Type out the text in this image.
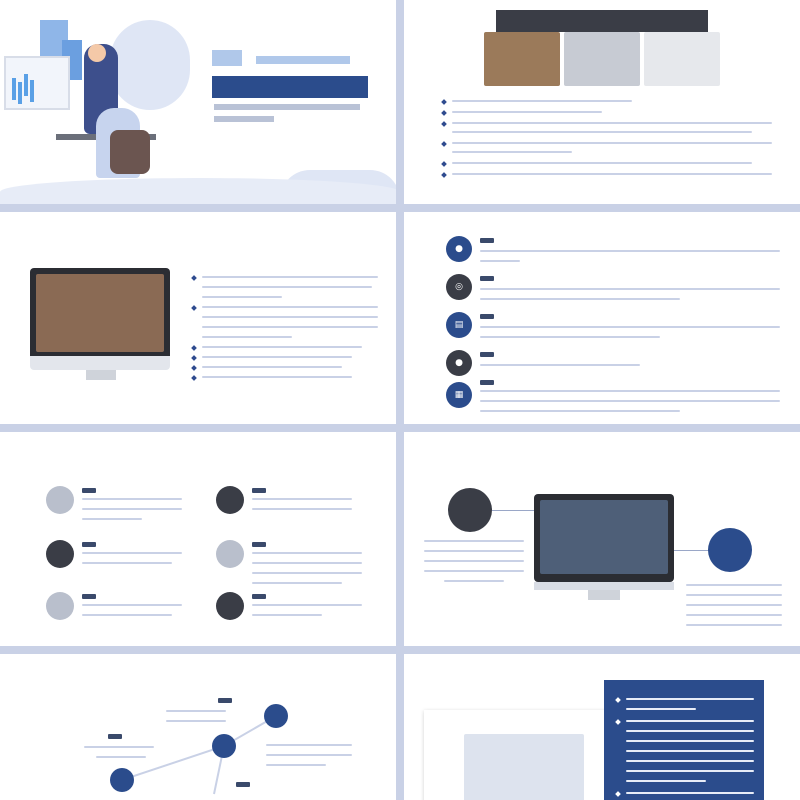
●
◎
▤
●
▦
